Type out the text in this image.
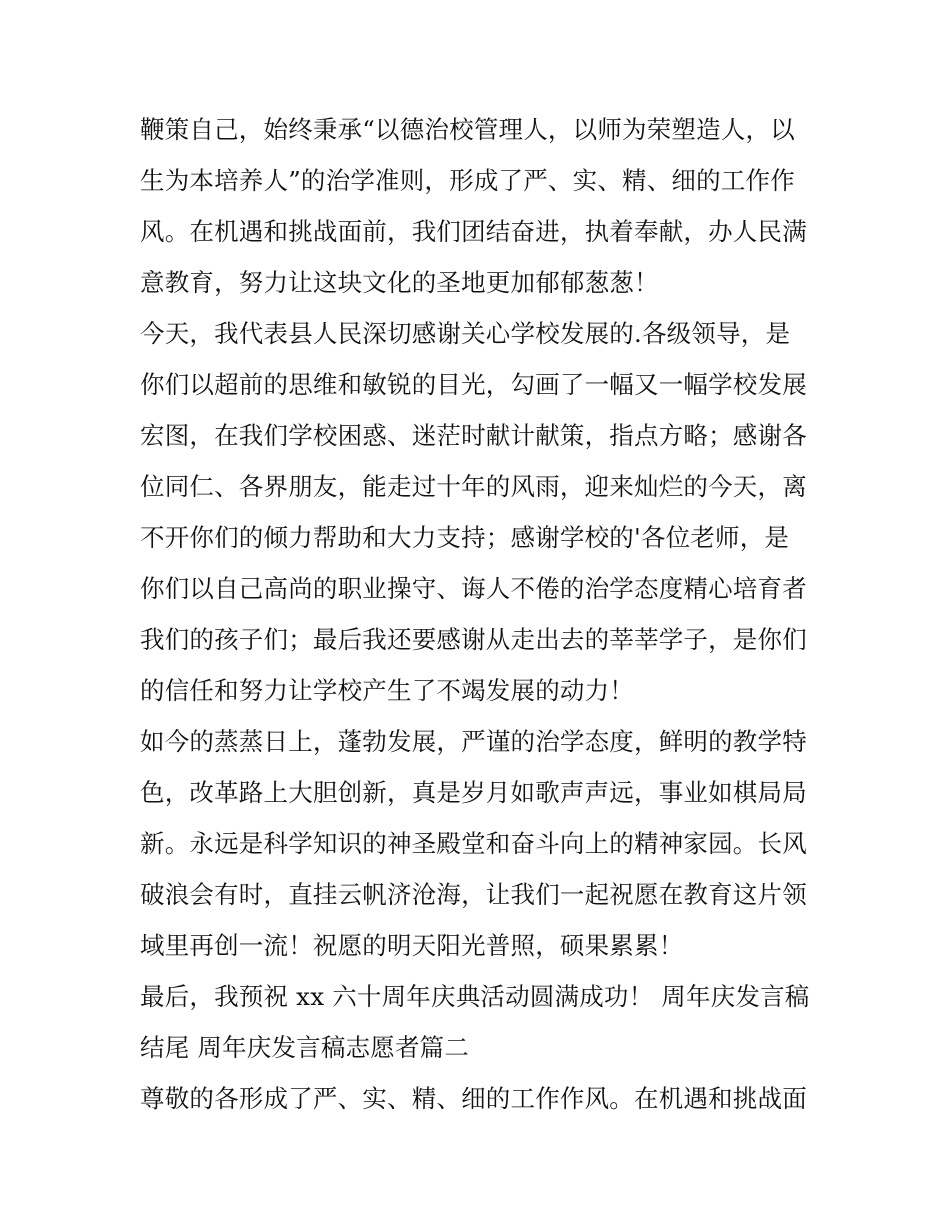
鞭策自己，始终秉承“以德治校管理人，以师为荣塑造人，以
生为本培养人”的治学准则，形成了严、实、精、细的工作作
风。在机遇和挑战面前，我们团结奋进，执着奉献，办人民满
意教育，努力让这块文化的圣地更加郁郁葱葱！
今天，我代表县人民深切感谢关心学校发展的.各级领导，是
你们以超前的思维和敏锐的目光，勾画了一幅又一幅学校发展
宏图，在我们学校困惑、迷茫时献计献策，指点方略；感谢各
位同仁、各界朋友，能走过十年的风雨，迎来灿烂的今天，离
不开你们的倾力帮助和大力支持；感谢学校的'各位老师，是
你们以自己高尚的职业操守、诲人不倦的治学态度精心培育者
我们的孩子们；最后我还要感谢从走出去的莘莘学子，是你们
的信任和努力让学校产生了不竭发展的动力！
如今的蒸蒸日上，蓬勃发展，严谨的治学态度，鲜明的教学特
色，改革路上大胆创新，真是岁月如歌声声远，事业如棋局局
新。永远是科学知识的神圣殿堂和奋斗向上的精神家园。长风
破浪会有时，直挂云帆济沧海，让我们一起祝愿在教育这片领
域里再创一流！祝愿的明天阳光普照，硕果累累！
最后，我预祝 xx 六十周年庆典活动圆满成功！ 周年庆发言稿
结尾 周年庆发言稿志愿者篇二
尊敬的各形成了严、实、精、细的工作作风。在机遇和挑战面
